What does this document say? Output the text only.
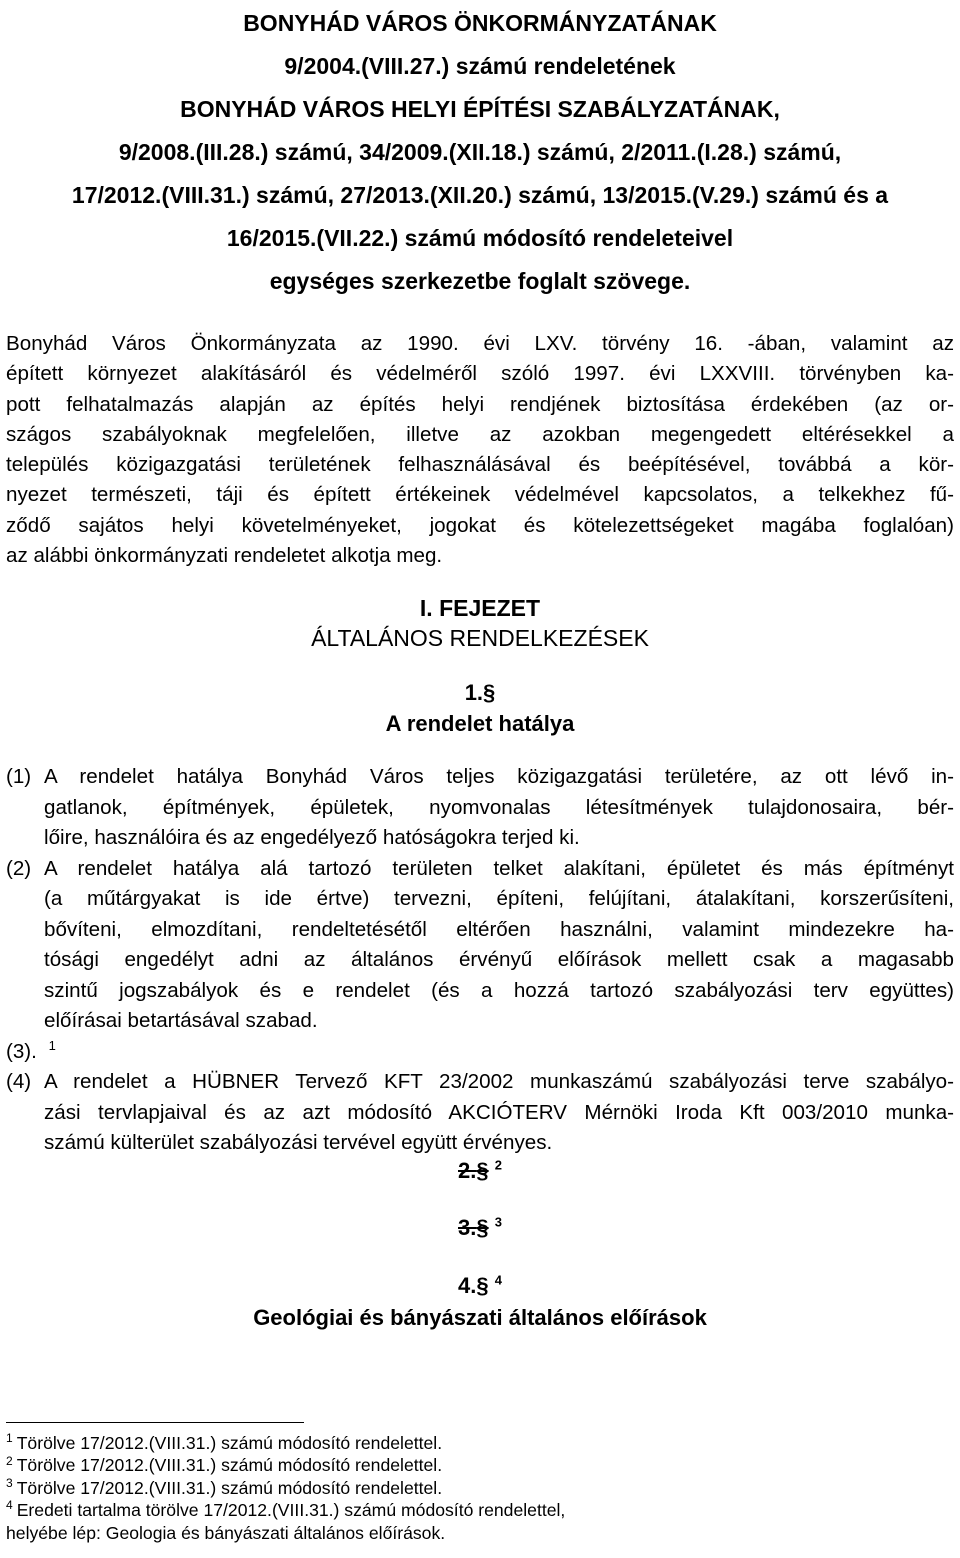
BONYHÁD VÁROS ÖNKORMÁNYZATÁNAK
9/2004.(VIII.27.) számú rendeletének
BONYHÁD VÁROS HELYI ÉPÍTÉSI SZABÁLYZATÁNAK,
9/2008.(III.28.) számú, 34/2009.(XII.18.) számú, 2/2011.(I.28.) számú,
17/2012.(VIII.31.) számú, 27/2013.(XII.20.) számú, 13/2015.(V.29.) számú és a
16/2015.(VII.22.) számú módosító rendeleteivel
egységes szerkezetbe foglalt szövege.
Bonyhád Város Önkormányzata az 1990. évi LXV. törvény 16. -ában, valamint az
épített környezet alakításáról és védelméről szóló 1997. évi LXXVIII. törvényben ka-
pott felhatalmazás alapján az építés helyi rendjének biztosítása érdekében (az or-
szágos szabályoknak megfelelően, illetve az azokban megengedett eltérésekkel a
település közigazgatási területének felhasználásával és beépítésével, továbbá a kör-
nyezet természeti, táji és épített értékeinek védelmével kapcsolatos, a telkekhez fű-
ződő sajátos helyi követelményeket, jogokat és kötelezettségeket magába foglalóan)
az alábbi önkormányzati rendeletet alkotja meg.
I. FEJEZET
ÁLTALÁNOS RENDELKEZÉSEK
1.§
A rendelet hatálya
(1) A rendelet hatálya Bonyhád Város teljes közigazgatási területére, az ott lévő in-
gatlanok, építmények, épületek, nyomvonalas létesítmények tulajdonosaira, bér-
lőire, használóira és az engedélyező hatóságokra terjed ki.
(2) A rendelet hatálya alá tartozó területen telket alakítani, épületet és más építményt
(a műtárgyakat is ide értve) tervezni, építeni, felújítani, átalakítani, korszerűsíteni,
bővíteni, elmozdítani, rendeltetésétől eltérően használni, valamint mindezekre ha-
tósági engedélyt adni az általános érvényű előírások mellett csak a magasabb
szintű jogszabályok és e rendelet (és a hozzá tartozó szabályozási terv együttes)
előírásai betartásával szabad.
(3). $^1$
(4) A rendelet a HÜBNER Tervező KFT 23/2002 munkaszámú szabályozási terve szabályo-
zási tervlapjaival és az azt módosító AKCIÓTERV Mérnöki Iroda Kft 003/2010 munka-
számú külterület szabályozási tervével együtt érvényes.
2.§ $^2$
3.§ $^3$
4.§ $^4$
Geológiai és bányászati általános előírások
$^1$ Törölve 17/2012.(VIII.31.) számú módosító rendelettel.
$^2$ Törölve 17/2012.(VIII.31.) számú módosító rendelettel.
$^3$ Törölve 17/2012.(VIII.31.) számú módosító rendelettel.
$^4$ Eredeti tartalma törölve 17/2012.(VIII.31.) számú módosító rendelettel,
helyébe lép: Geologia és bányászati általános előírások.
